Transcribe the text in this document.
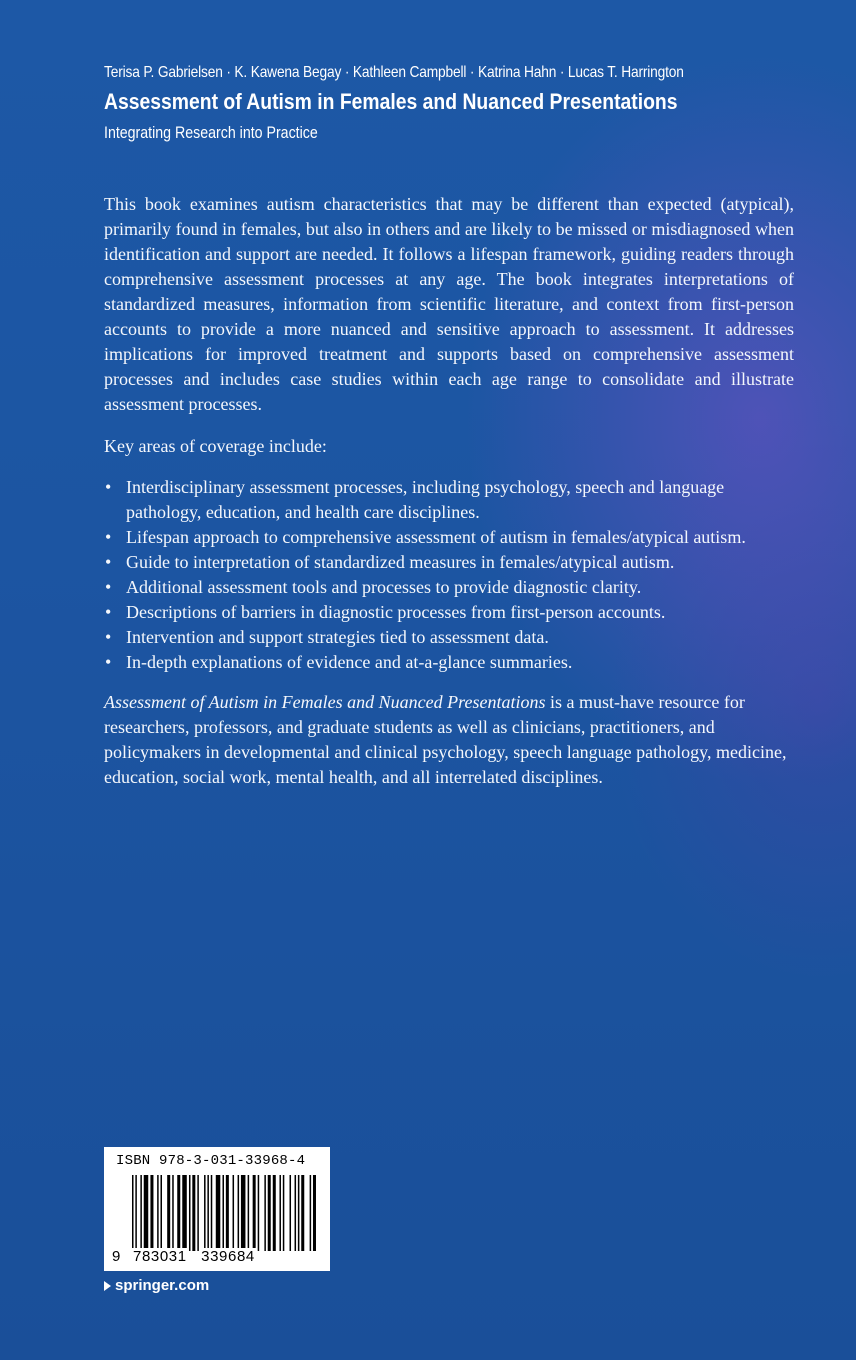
Terisa P. Gabrielsen · K. Kawena Begay · Kathleen Campbell · Katrina Hahn · Lucas T. Harrington
Assessment of Autism in Females and Nuanced Presentations
Integrating Research into Practice

This book examines autism characteristics that may be different than expected (atypical), primarily found in females, but also in others and are likely to be missed or misdiagnosed when identification and support are needed. It follows a lifespan framework, guiding readers through comprehensive assessment processes at any age. The book integrates interpretations of standardized measures, information from scientific literature, and context from first-person accounts to provide a more nuanced and sensitive approach to assessment. It addresses implications for improved treatment and supports based on comprehensive assessment processes and includes case studies within each age range to consolidate and illustrate assessment processes.

Key areas of coverage include:

• Interdisciplinary assessment processes, including psychology, speech and language pathology, education, and health care disciplines.
• Lifespan approach to comprehensive assessment of autism in females/atypical autism.
• Guide to interpretation of standardized measures in females/atypical autism.
• Additional assessment tools and processes to provide diagnostic clarity.
• Descriptions of barriers in diagnostic processes from first-person accounts.
• Intervention and support strategies tied to assessment data.
• In-depth explanations of evidence and at-a-glance summaries.

Assessment of Autism in Females and Nuanced Presentations is a must-have resource for researchers, professors, and graduate students as well as clinicians, practitioners, and policymakers in developmental and clinical psychology, speech language pathology, medicine, education, social work, mental health, and all interrelated disciplines.

ISBN 978-3-031-33968-4
9 783031 339684
springer.com
